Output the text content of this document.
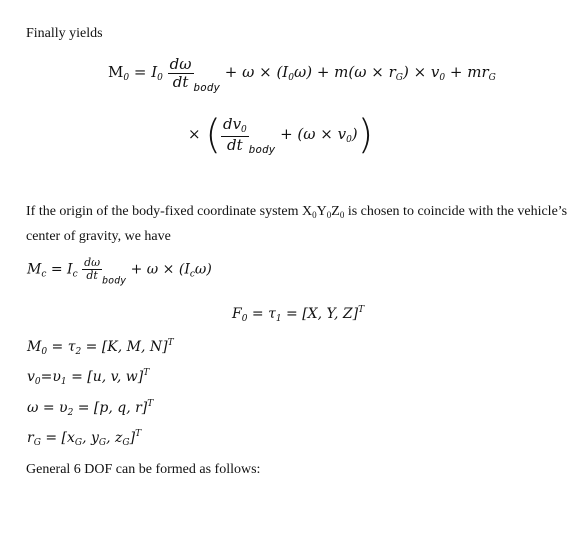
Finally yields
$M_0 = I_0 \frac{d\omega}{dt} _{body} + \omega \times (I_0\omega) + m(\omega \times r_G) \times v_0 + mr_G$
× ( $\frac{dv_0}{dt} _{body} + (\omega \times v_0)$)
If the origin of the body-fixed coordinate system $X_0Y_0Z_0$ is chosen to coincide with the vehicle’s
center of gravity, we have
$M_c = I_c \frac{d\omega}{dt} _{body} + \omega \times (I_c\omega)$
$F_0 = \tau_1 = [X$, Y, Z]$^T$
$M_0 = \tau_2 = [K$, M, N]$^T$
$v_0=\upsilon_1 = [u$, v, w]$^T$
$\omega = \upsilon_2 = [p$, q, r]$^T$
$r_G = [x_G$, $y_G$, $z_G]^T$
General 6 DOF can be formed as follows:
